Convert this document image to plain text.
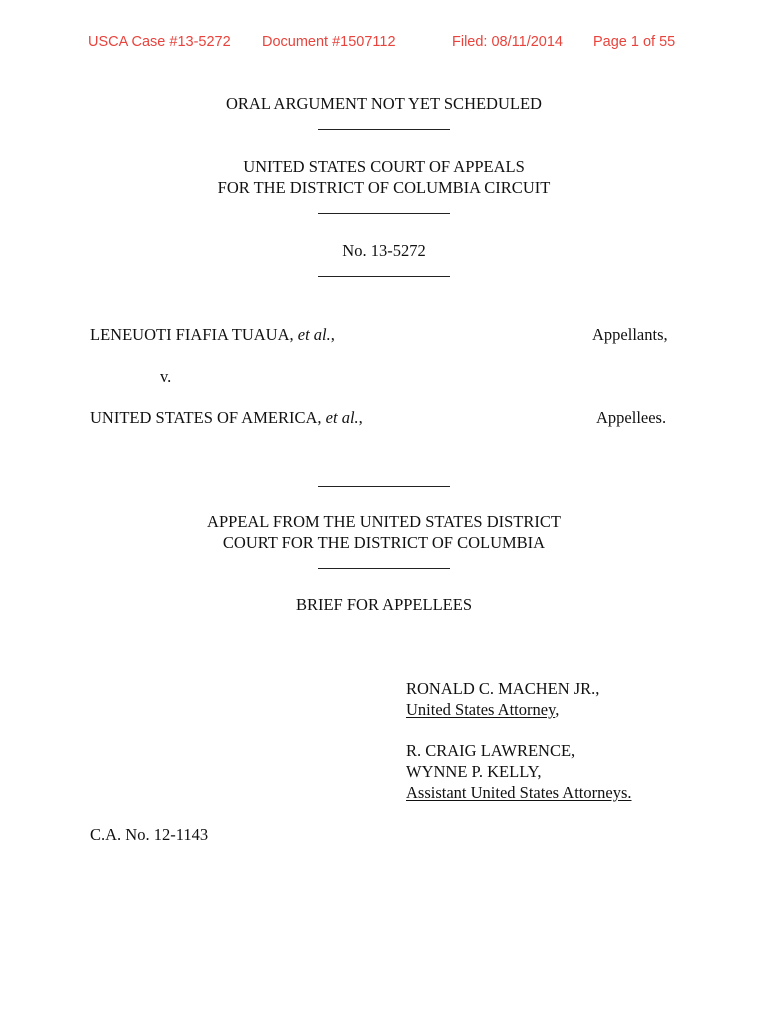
USCA Case #13-5272 Document #1507112	Filed: 08/11/2014 Page 1 of 55
ORAL ARGUMENT NOT YET SCHEDULED
UNITED STATES COURT OF APPEALS
FOR THE DISTRICT OF COLUMBIA CIRCUIT
No. 13-5272
LENEUOTI FIAFIA TUAUA, et al.,	Appellants,
v.
UNITED STATES OF AMERICA, et al.,	Appellees.
APPEAL FROM THE UNITED STATES DISTRICT
COURT FOR THE DISTRICT OF COLUMBIA
BRIEF FOR APPELLEES
RONALD C. MACHEN JR.,
United States Attorney,
R. CRAIG LAWRENCE,
WYNNE P. KELLY,
Assistant United States Attorneys.
C.A. No. 12-1143
